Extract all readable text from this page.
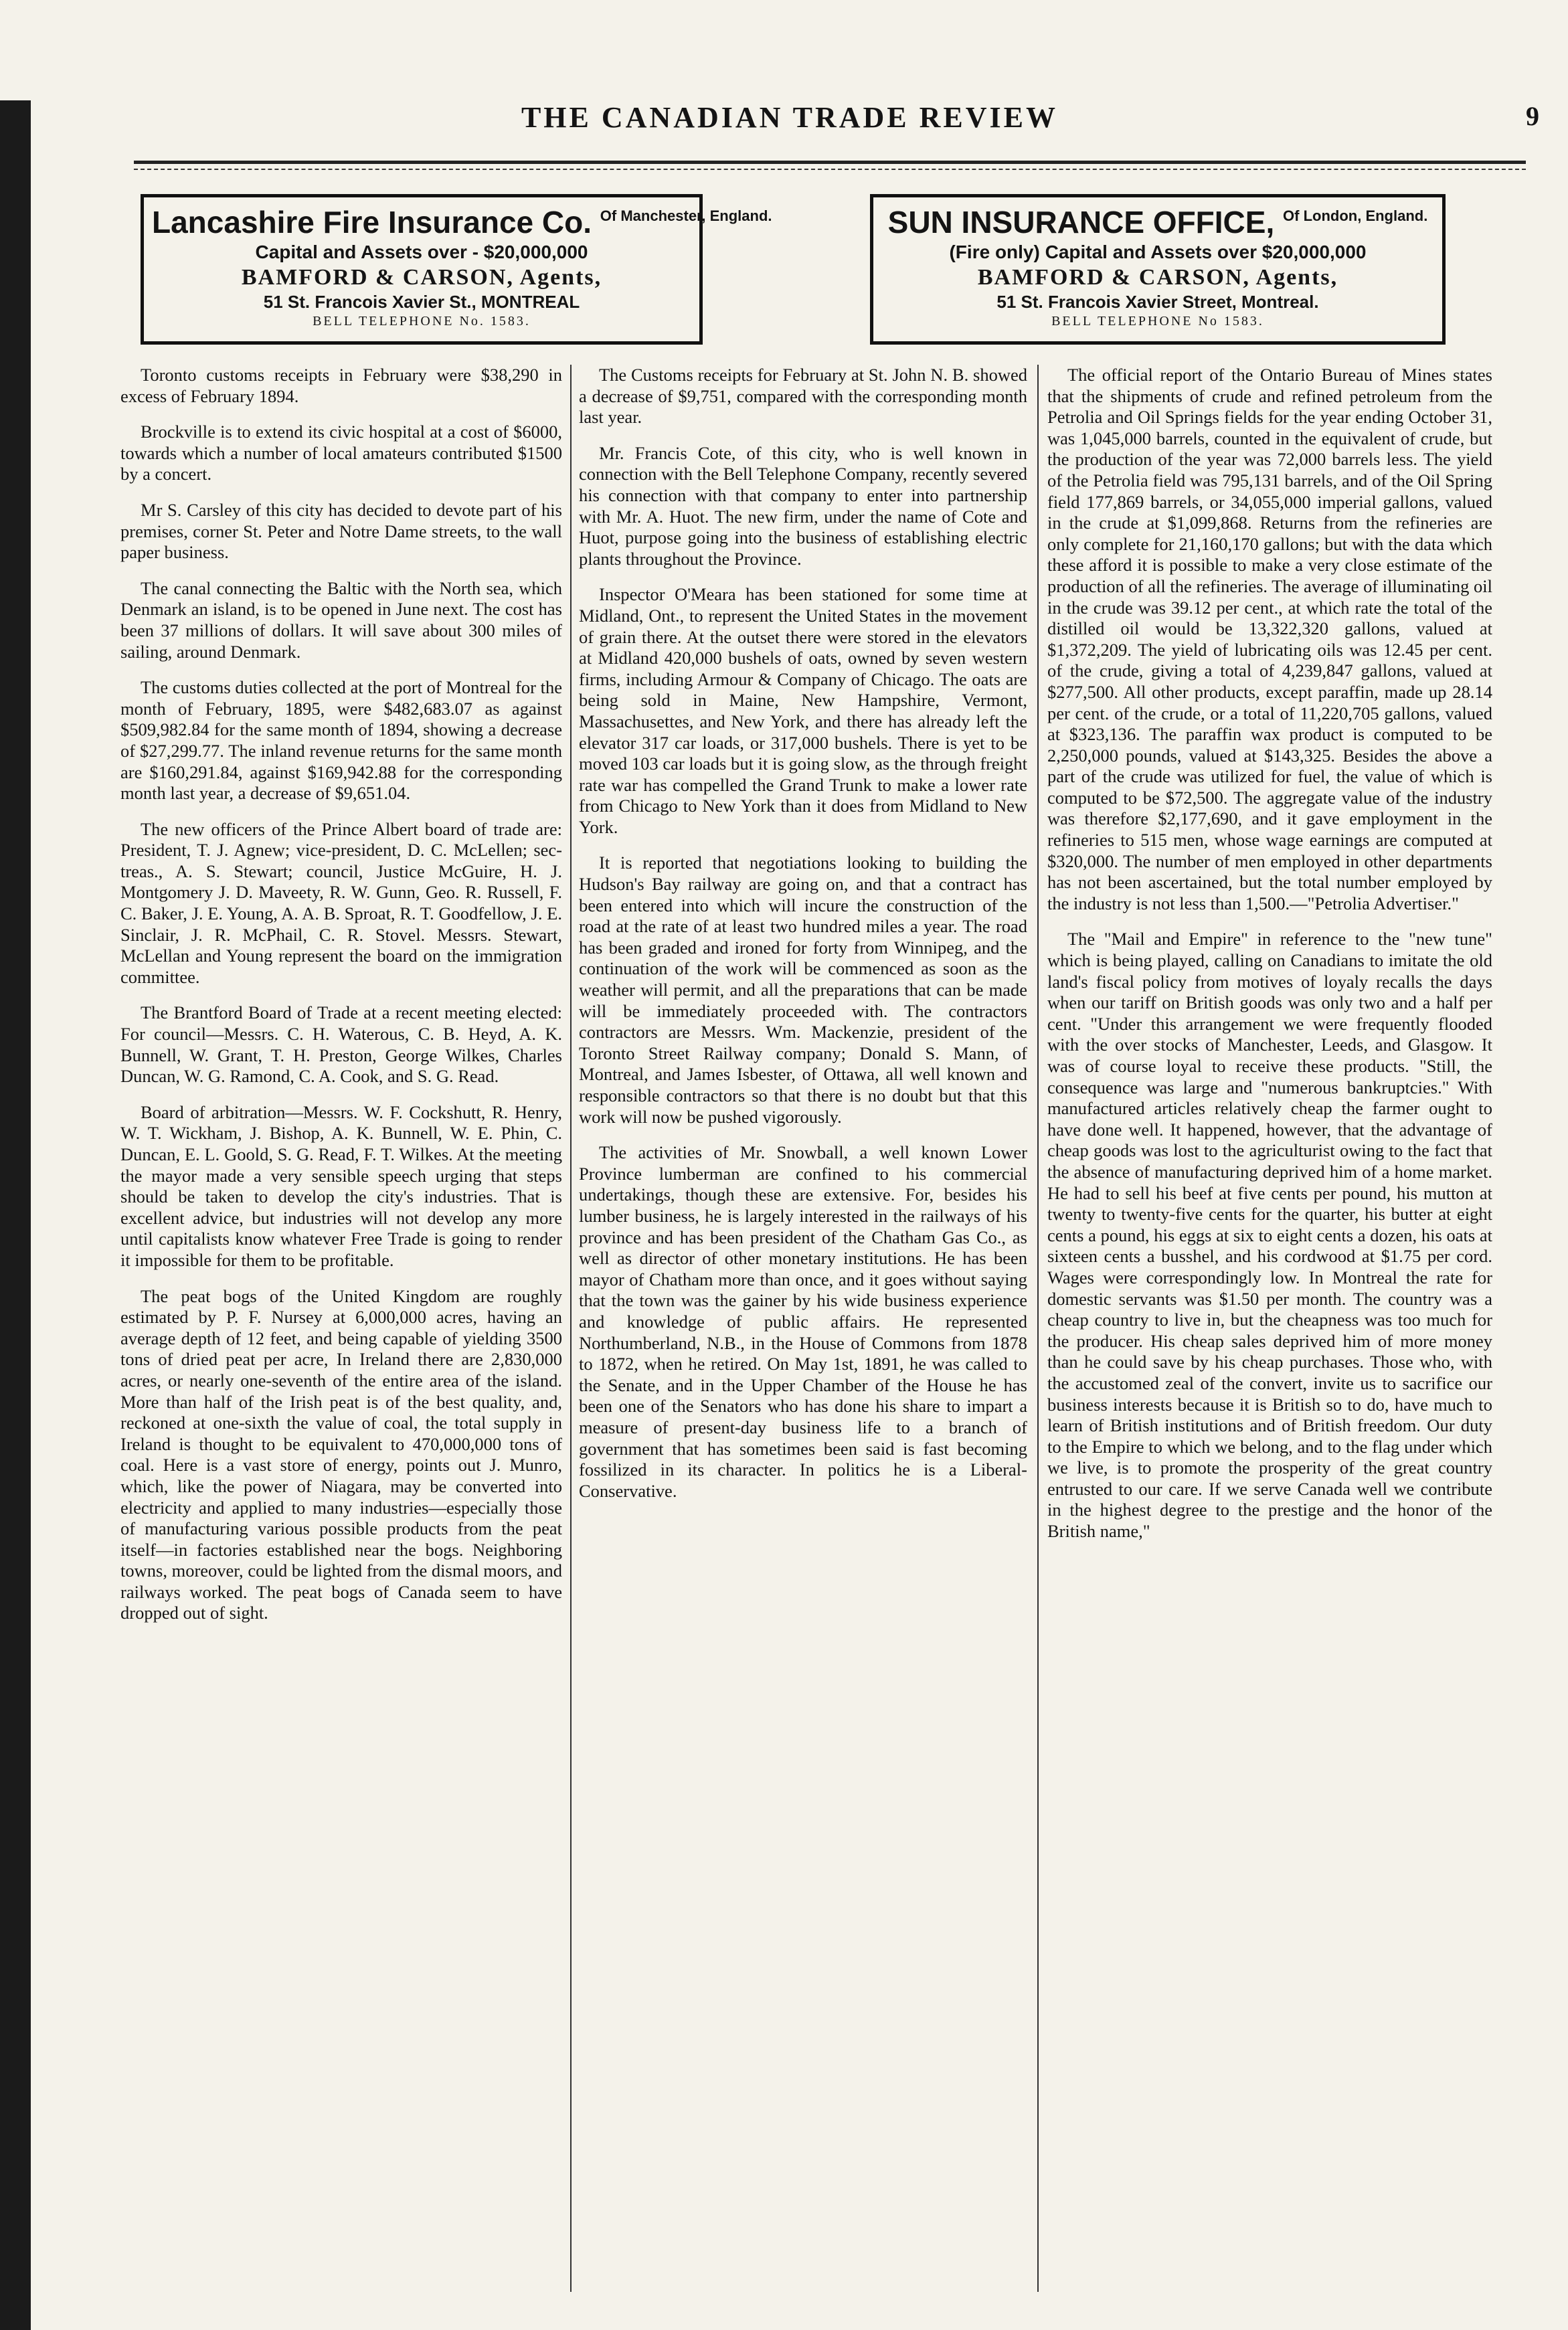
THE CANADIAN TRADE REVIEW	9
Lancashire Fire Insurance Co. Of Manchester, England.
Capital and Assets over - $20,000,000
BAMFORD & CARSON, Agents,
51 St. Francois Xavier St., MONTREAL
BELL TELEPHONE No. 1583.
SUN INSURANCE OFFICE, Of London, England.
(Fire only) Capital and Assets over $20,000,000
BAMFORD & CARSON, Agents,
51 St. Francois Xavier Street, Montreal.
BELL TELEPHONE No 1583.

Toronto customs receipts in February were $38,290 in excess of February 1894.

Brockville is to extend its civic hospital at a cost of $6000, towards which a number of local amateurs contributed $1500 by a concert.

Mr S. Carsley of this city has decided to devote part of his premises, corner St. Peter and Notre Dame streets, to the wall paper business.

The canal connecting the Baltic with the North sea, which Denmark an island, is to be opened in June next. The cost has been 37 millions of dollars. It will save about 300 miles of sailing, around Denmark.

The customs duties collected at the port of Montreal for the month of February, 1895, were $482,683.07 as against $509,982.84 for the same month of 1894, showing a decrease of $27,299.77. The inland revenue returns for the same month are $160,291.84, against $169,942.88 for the corresponding month last year, a decrease of $9,651.04.

The new officers of the Prince Albert board of trade are: President, T. J. Agnew; vice-president, D. C. McLellen; sec-treas., A. S. Stewart; council, Justice McGuire, H. J. Montgomery J. D. Maveety, R. W. Gunn, Geo. R. Russell, F. C. Baker, J. E. Young, A. A. B. Sproat, R. T. Goodfellow, J. E. Sinclair, J. R. McPhail, C. R. Stovel. Messrs. Stewart, McLellan and Young represent the board on the immigration committee.

The Brantford Board of Trade at a recent meeting elected: For council—Messrs. C. H. Waterous, C. B. Heyd, A. K. Bunnell, W. Grant, T. H. Preston, George Wilkes, Charles Duncan, W. G. Ramond, C. A. Cook, and S. G. Read.

Board of arbitration—Messrs. W. F. Cockshutt, R. Henry, W. T. Wickham, J. Bishop, A. K. Bunnell, W. E. Phin, C. Duncan, E. L. Goold, S. G. Read, F. T. Wilkes. At the meeting the mayor made a very sensible speech urging that steps should be taken to develop the city's industries. That is excellent advice, but industries will not develop any more until capitalists know whatever Free Trade is going to render it impossible for them to be profitable.

The peat bogs of the United Kingdom are roughly estimated by P. F. Nursey at 6,000,000 acres, having an average depth of 12 feet, and being capable of yielding 3500 tons of dried peat per acre, In Ireland there are 2,830,000 acres, or nearly one-seventh of the entire area of the island. More than half of the Irish peat is of the best quality, and, reckoned at one-sixth the value of coal, the total supply in Ireland is thought to be equivalent to 470,000,000 tons of coal. Here is a vast store of energy, points out J. Munro, which, like the power of Niagara, may be converted into electricity and applied to many industries—especially those of manufacturing various possible products from the peat itself—in factories established near the bogs. Neighboring towns, moreover, could be lighted from the dismal moors, and railways worked. The peat bogs of Canada seem to have dropped out of sight.

The Customs receipts for February at St. John N. B. showed a decrease of $9,751, compared with the corresponding month last year.

Mr. Francis Cote, of this city, who is well known in connection with the Bell Telephone Company, recently severed his connection with that company to enter into partnership with Mr. A. Huot. The new firm, under the name of Cote and Huot, purpose going into the business of establishing electric plants throughout the Province.

Inspector O'Meara has been stationed for some time at Midland, Ont., to represent the United States in the movement of grain there. At the outset there were stored in the elevators at Midland 420,000 bushels of oats, owned by seven western firms, including Armour & Company of Chicago. The oats are being sold in Maine, New Hampshire, Vermont, Massachusettes, and New York, and there has already left the elevator 317 car loads, or 317,000 bushels. There is yet to be moved 103 car loads but it is going slow, as the through freight rate war has compelled the Grand Trunk to make a lower rate from Chicago to New York than it does from Midland to New York.

It is reported that negotiations looking to building the Hudson's Bay railway are going on, and that a contract has been entered into which will incure the construction of the road at the rate of at least two hundred miles a year. The road has been graded and ironed for forty from Winnipeg, and the continuation of the work will be commenced as soon as the weather will permit, and all the preparations that can be made will be immediately proceeded with. The contractors contractors are Messrs. Wm. Mackenzie, president of the Toronto Street Railway company; Donald S. Mann, of Montreal, and James Isbester, of Ottawa, all well known and responsible contractors so that there is no doubt but that this work will now be pushed vigorously.

The activities of Mr. Snowball, a well known Lower Province lumberman are confined to his commercial undertakings, though these are extensive. For, besides his lumber business, he is largely interested in the railways of his province and has been president of the Chatham Gas Co., as well as director of other monetary institutions. He has been mayor of Chatham more than once, and it goes without saying that the town was the gainer by his wide business experience and knowledge of public affairs. He represented Northumberland, N.B., in the House of Commons from 1878 to 1872, when he retired. On May 1st, 1891, he was called to the Senate, and in the Upper Chamber of the House he has been one of the Senators who has done his share to impart a measure of present-day business life to a branch of government that has sometimes been said is fast becoming fossilized in its character. In politics he is a Liberal-Conservative.

The official report of the Ontario Bureau of Mines states that the shipments of crude and refined petroleum from the Petrolia and Oil Springs fields for the year ending October 31, was 1,045,000 barrels, counted in the equivalent of crude, but the production of the year was 72,000 barrels less. The yield of the Petrolia field was 795,131 barrels, and of the Oil Spring field 177,869 barrels, or 34,055,000 imperial gallons, valued in the crude at $1,099,868. Returns from the refineries are only complete for 21,160,170 gallons; but with the data which these afford it is possible to make a very close estimate of the production of all the refineries. The average of illuminating oil in the crude was 39.12 per cent., at which rate the total of the distilled oil would be 13,322,320 gallons, valued at $1,372,209. The yield of lubricating oils was 12.45 per cent. of the crude, giving a total of 4,239,847 gallons, valued at $277,500. All other products, except paraffin, made up 28.14 per cent. of the crude, or a total of 11,220,705 gallons, valued at $323,136. The paraffin wax product is computed to be 2,250,000 pounds, valued at $143,325. Besides the above a part of the crude was utilized for fuel, the value of which is computed to be $72,500. The aggregate value of the industry was therefore $2,177,690, and it gave employment in the refineries to 515 men, whose wage earnings are computed at $320,000. The number of men employed in other departments has not been ascertained, but the total number employed by the industry is not less than 1,500.—"Petrolia Advertiser."

The "Mail and Empire" in reference to the "new tune" which is being played, calling on Canadians to imitate the old land's fiscal policy from motives of loyaly recalls the days when our tariff on British goods was only two and a half per cent. "Under this arrangement we were frequently flooded with the over stocks of Manchester, Leeds, and Glasgow. It was of course loyal to receive these products. "Still, the consequence was large and "numerous bankruptcies." With manufactured articles relatively cheap the farmer ought to have done well. It happened, however, that the advantage of cheap goods was lost to the agriculturist owing to the fact that the absence of manufacturing deprived him of a home market. He had to sell his beef at five cents per pound, his mutton at twenty to twenty-five cents for the quarter, his butter at eight cents a pound, his eggs at six to eight cents a dozen, his oats at sixteen cents a busshel, and his cordwood at $1.75 per cord. Wages were correspondingly low. In Montreal the rate for domestic servants was $1.50 per month. The country was a cheap country to live in, but the cheapness was too much for the producer. His cheap sales deprived him of more money than he could save by his cheap purchases. Those who, with the accustomed zeal of the convert, invite us to sacrifice our business interests because it is British so to do, have much to learn of British institutions and of British freedom. Our duty to the Empire to which we belong, and to the flag under which we live, is to promote the prosperity of the great country entrusted to our care. If we serve Canada well we contribute in the highest degree to the prestige and the honor of the British name,"
